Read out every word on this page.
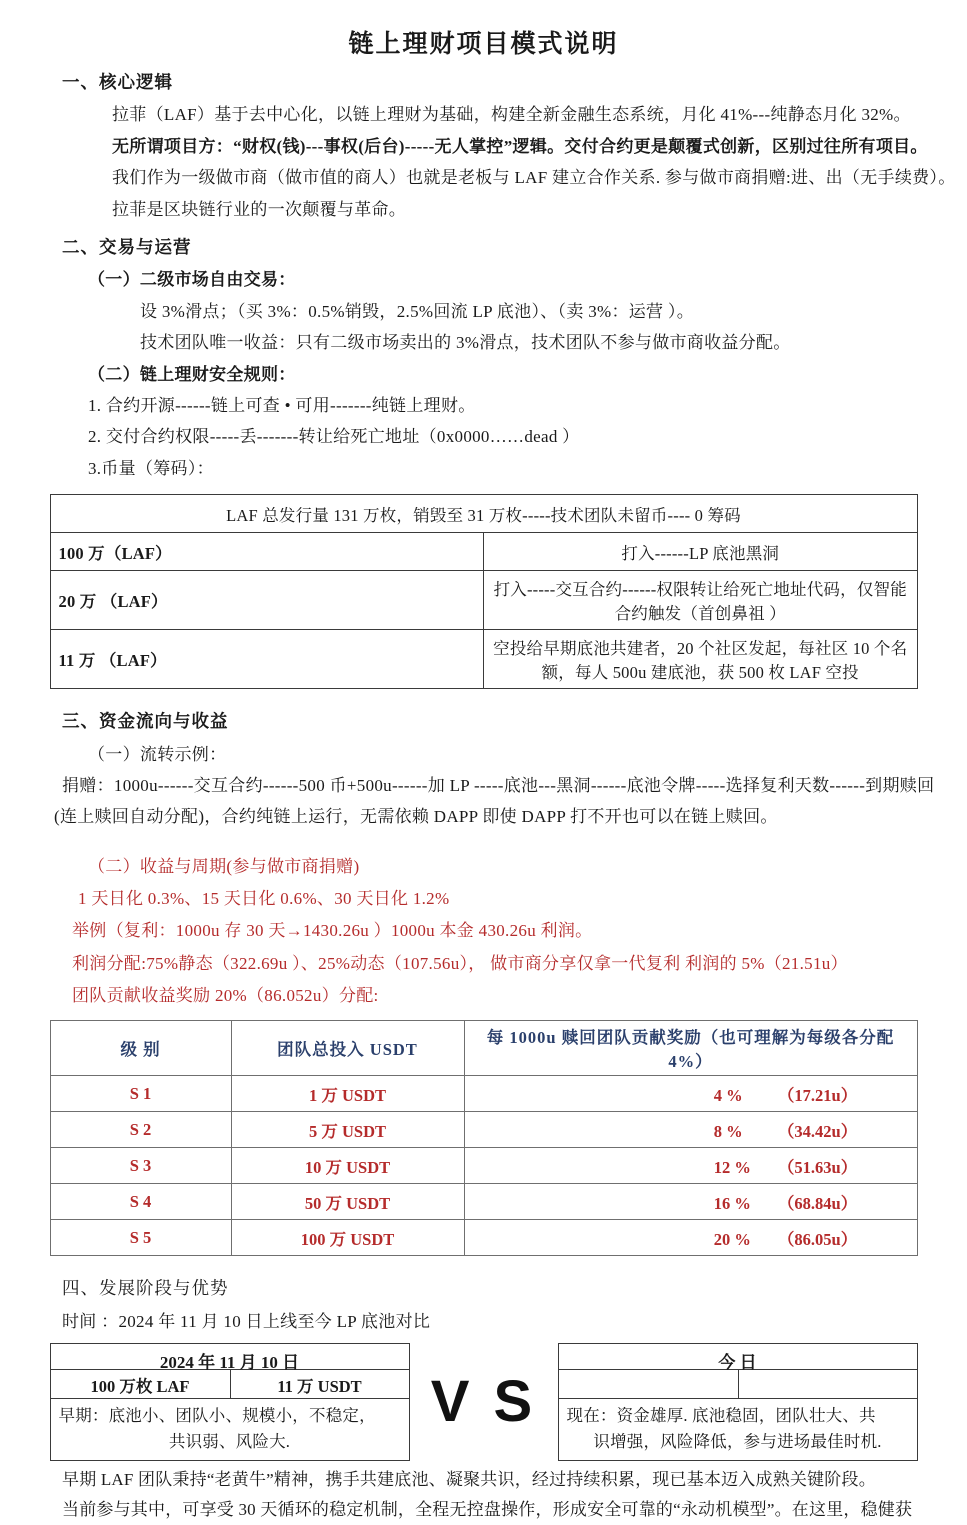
链上理财项目模式说明
一、核心逻辑
拉菲（LAF）基于去中心化，以链上理财为基础，构建全新金融生态系统，月化 41%---纯静态月化 32%。
无所谓项目方：“财权(钱)---事权(后台)-----无人掌控”逻辑。交付合约更是颠覆式创新，区别过往所有项目。
我们作为一级做市商（做市值的商人）也就是老板与 LAF 建立合作关系. 参与做市商捐赠:进、出（无手续费）。
拉菲是区块链行业的一次颠覆与革命。
二、交易与运营
（一）二级市场自由交易：
设 3%滑点；（买 3%：0.5%销毁，2.5%回流 LP 底池）、（卖 3%：运营 ）。
技术团队唯一收益：只有二级市场卖出的 3%滑点，技术团队不参与做市商收益分配。
（二）链上理财安全规则：
1. 合约开源------链上可查 • 可用-------纯链上理财。
2. 交付合约权限-----丢-------转让给死亡地址（0x0000……dead ）
3.币量（筹码）：
LAF 总发行量 131 万枚，销毁至 31 万枚-----技术团队未留币---- 0 筹码	
100 万（LAF）	打入------LP 底池黑洞
20 万 （LAF）	打入-----交互合约------权限转让给死亡地址代码，仅智能合约触发（首创鼻祖 ）
11 万 （LAF）	空投给早期底池共建者，20 个社区发起，每社区 10 个名额，每人 500u 建底池，获 500 枚 LAF 空投
三、资金流向与收益
（一）流转示例：
捐赠：1000u------交互合约------500 币+500u------加 LP -----底池---黑洞------底池令牌-----选择复利天数------到期赎回
(连上赎回自动分配)，合约纯链上运行，无需依赖 DAPP 即使 DAPP 打不开也可以在链上赎回。
（二）收益与周期(参与做市商捐赠)
1 天日化 0.3%、15 天日化 0.6%、30 天日化 1.2%
举例（复利：1000u 存 30 天→1430.26u ）1000u 本金 430.26u 利润。
利润分配:75%静态（322.69u ）、25%动态（107.56u）， 做市商分享仅拿一代复利 利润的 5%（21.51u）
团队贡献收益奖励 20%（86.052u）分配:
级 别	团队总投入 USDT	每 1000u 赎回团队贡献奖励（也可理解为每级各分配 4%）
S 1	1 万 USDT	4 % （17.21u）
S 2	5 万 USDT	8 % （34.42u）
S 3	10 万 USDT	12 % （51.63u）
S 4	50 万 USDT	16 % （68.84u）
S 5	100 万 USDT	20 % （86.05u）
四、发展阶段与优势
时间 ：2024 年 11 月 10 日上线至今 LP 底池对比
2024 年 11 月 10 日
100 万枚 LAF	11 万 USDT
早期：底池小、团队小、规模小，不稳定，
共识弱、风险大.
V S
今 日
现在：资金雄厚. 底池稳固，团队壮大、共
识增强，风险降低，参与进场最佳时机.
早期 LAF 团队秉持“老黄牛”精神，携手共建底池、凝聚共识，经过持续积累，现已基本迈入成熟关键阶段。
当前参与其中，可享受 30 天循环的稳定机制，全程无控盘操作，形成安全可靠的“永动机模型”。在这里，稳健获
